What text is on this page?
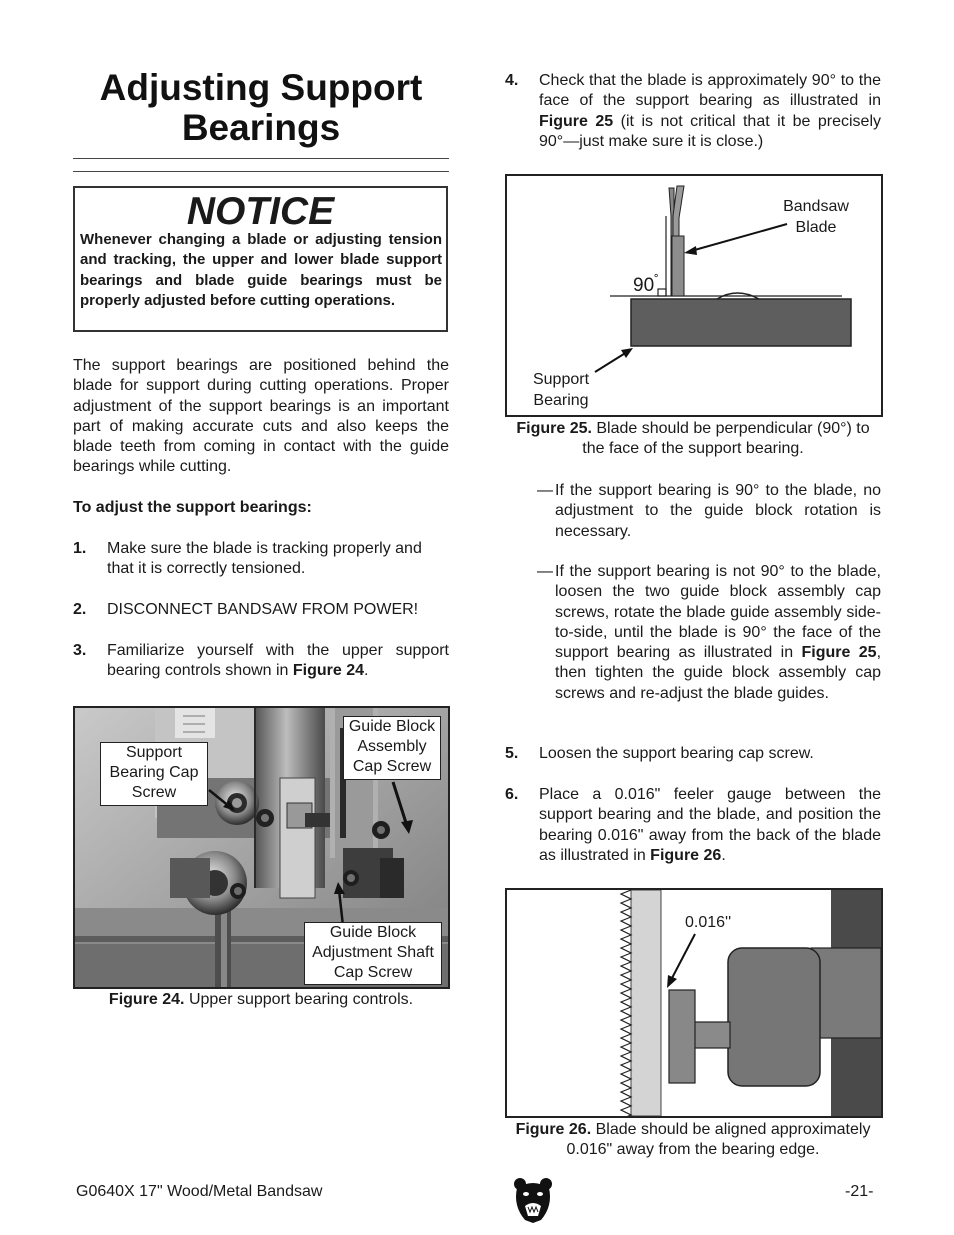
Adjusting Support Bearings
NOTICE
Whenever changing a blade or adjusting tension and tracking, the upper and lower blade support bearings and blade guide bearings must be properly adjusted before cutting operations.
The support bearings are positioned behind the blade for support during cutting operations. Proper adjustment of the support bearings is an important part of making accurate cuts and also keeps the blade teeth from coming in contact with the guide bearings while cutting.
To adjust the support bearings:
1. Make sure the blade is tracking properly and that it is correctly tensioned.
2. DISCONNECT BANDSAW FROM POWER!
3. Familiarize yourself with the upper support bearing controls shown in Figure 24.
Support Bearing Cap Screw
Guide Block Assembly Cap Screw
Guide Block Adjustment Shaft Cap Screw
Figure 24. Upper support bearing controls.
4. Check that the blade is approximately 90° to the face of the support bearing as illustrated in Figure 25 (it is not critical that it be precisely 90°—just make sure it is close.)
Bandsaw Blade
Support Bearing
90˚
Figure 25. Blade should be perpendicular (90°) to the face of the support bearing.
— If the support bearing is 90° to the blade, no adjustment to the guide block rotation is necessary.
— If the support bearing is not 90° to the blade, loosen the two guide block assembly cap screws, rotate the blade guide assembly side-to-side, until the blade is 90° the face of the support bearing as illustrated in Figure 25, then tighten the guide block assembly cap screws and re-adjust the blade guides.
5. Loosen the support bearing cap screw.
6. Place a 0.016" feeler gauge between the support bearing and the blade, and position the bearing 0.016" away from the back of the blade as illustrated in Figure 26.
0.016''
Figure 26. Blade should be aligned approximately 0.016" away from the bearing edge.
G0640X 17" Wood/Metal Bandsaw	-21-
